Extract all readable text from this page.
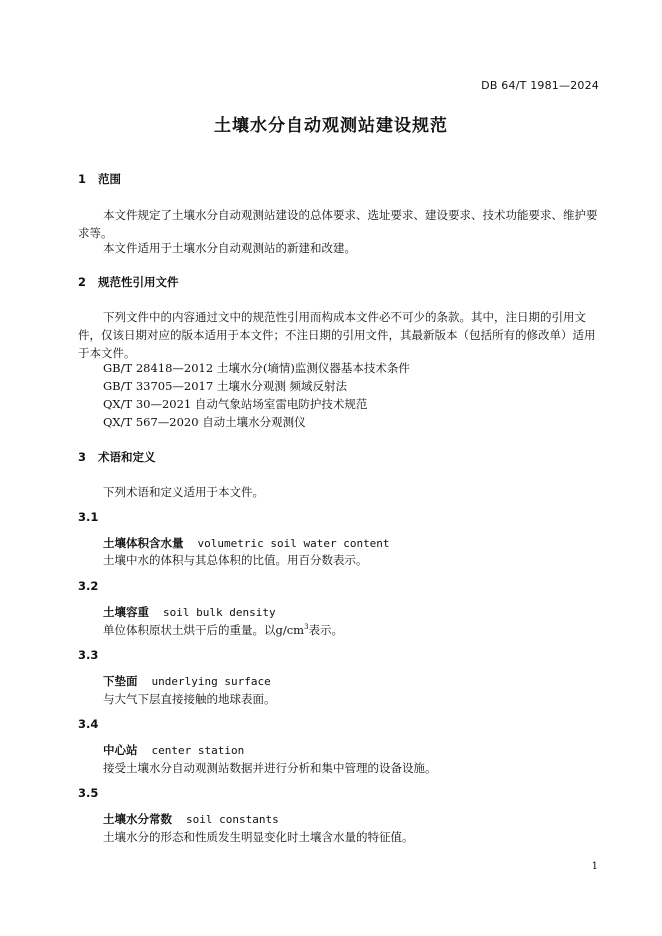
DB 64/T 1981—2024
土壤水分自动观测站建设规范
1 范围
本文件规定了土壤水分自动观测站建设的总体要求、选址要求、建设要求、技术功能要求、维护要求等。
本文件适用于土壤水分自动观测站的新建和改建。
2 规范性引用文件
下列文件中的内容通过文中的规范性引用而构成本文件必不可少的条款。其中，注日期的引用文件，仅该日期对应的版本适用于本文件；不注日期的引用文件，其最新版本（包括所有的修改单）适用于本文件。
GB/T 28418—2012 土壤水分(墒情)监测仪器基本技术条件
GB/T 33705—2017 土壤水分观测 频域反射法
QX/T 30—2021 自动气象站场室雷电防护技术规范
QX/T 567—2020 自动土壤水分观测仪
3 术语和定义
下列术语和定义适用于本文件。
3.1
土壤体积含水量 volumetric soil water content
土壤中水的体积与其总体积的比值。用百分数表示。
3.2
土壤容重 soil bulk density
单位体积原状土烘干后的重量。以$g/cm^3$表示。
3.3
下垫面 underlying surface
与大气下层直接接触的地球表面。
3.4
中心站 center station
接受土壤水分自动观测站数据并进行分析和集中管理的设备设施。
3.5
土壤水分常数 soil constants
土壤水分的形态和性质发生明显变化时土壤含水量的特征值。
1
